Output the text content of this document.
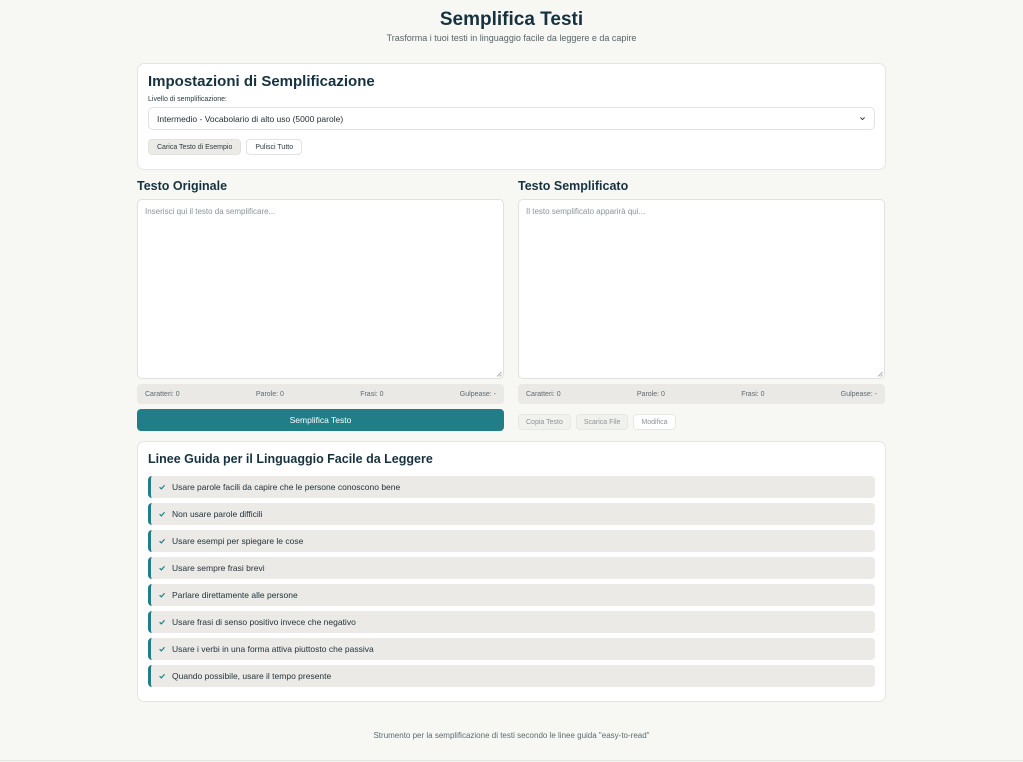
Semplifica Testi
Trasforma i tuoi testi in linguaggio facile da leggere e da capire
Impostazioni di Semplificazione
Livello di semplificazione:
Intermedio - Vocabolario di alto uso (5000 parole)
Carica Testo di Esempio	Pulisci Tutto
Testo Originale
Inserisci qui il testo da semplificare...
Caratteri: 0	Parole: 0	Frasi: 0	Gulpease: -
Semplifica Testo
Testo Semplificato
Il testo semplificato apparirà qui...
Caratteri: 0	Parole: 0	Frasi: 0	Gulpease: -
Copia Testo	Scarica File	Modifica
Linee Guida per il Linguaggio Facile da Leggere
Usare parole facili da capire che le persone conoscono bene
Non usare parole difficili
Usare esempi per spiegare le cose
Usare sempre frasi brevi
Parlare direttamente alle persone
Usare frasi di senso positivo invece che negativo
Usare i verbi in una forma attiva piuttosto che passiva
Quando possibile, usare il tempo presente
Strumento per la semplificazione di testi secondo le linee guida "easy-to-read"
